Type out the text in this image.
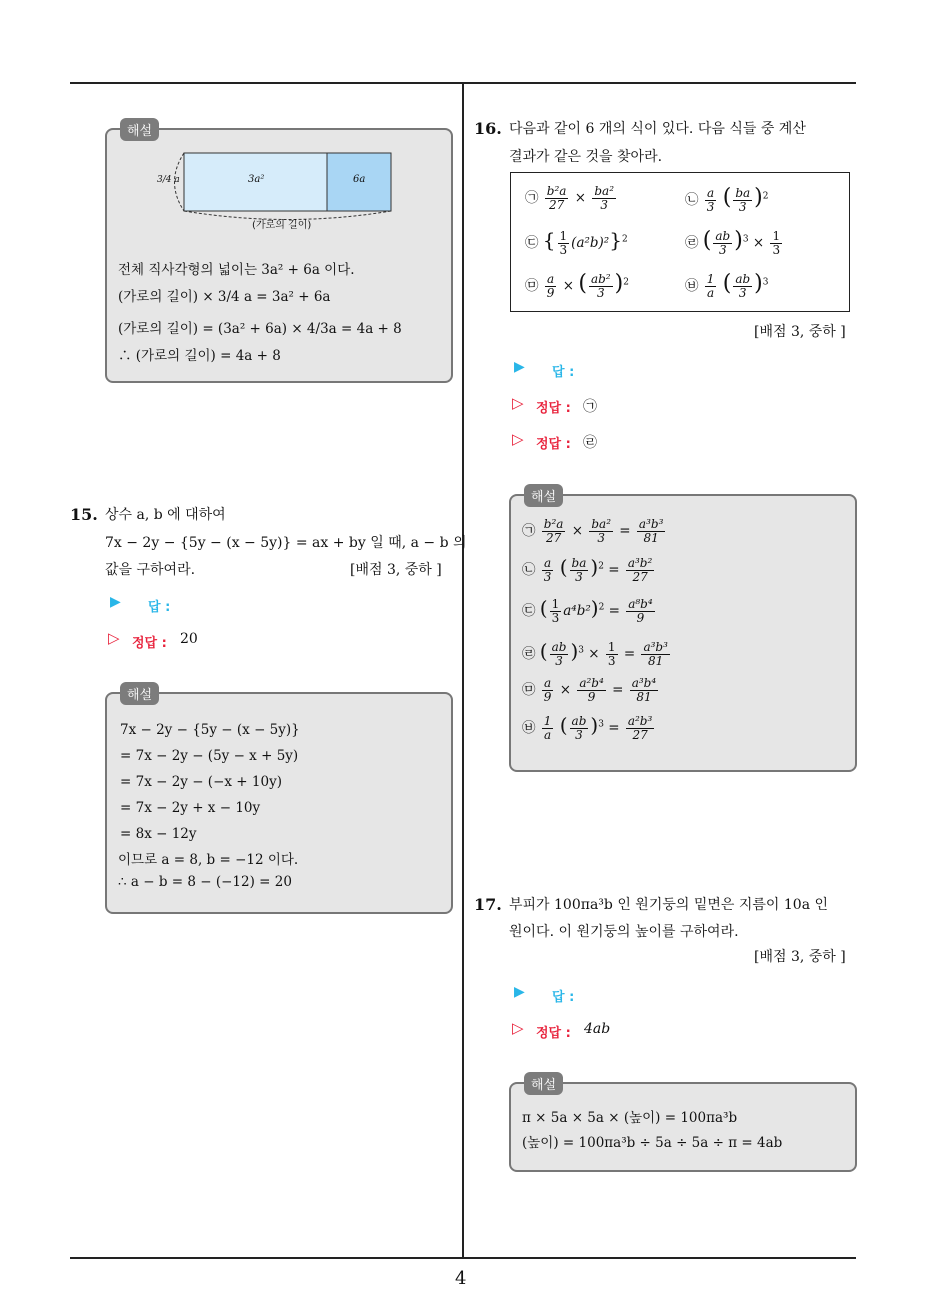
4
해설
3a²	6a
3/4 a
(가로의 길이)
전체 직사각형의 넓이는 3a² + 6a 이다.
(가로의 길이) × 3/4 a = 3a² + 6a
(가로의 길이) = (3a² + 6a) × 4/3a = 4a + 8
∴ (가로의 길이) = 4a + 8
15. 상수 a, b 에 대하여
7x − 2y − {5y − (x − 5y)} = ax + by 일 때, a − b 의
값을 구하여라.	[배점 3, 중하 ]
▶ 답 :
▷ 정답 : 20
해설
7x − 2y − {5y − (x − 5y)}
= 7x − 2y − (5y − x + 5y)
= 7x − 2y − (−x + 10y)
= 7x − 2y + x − 10y
= 8x − 12y
이므로 a = 8, b = −12 이다.
∴ a − b = 8 − (−12) = 20
16. 다음과 같이 6 개의 식이 있다. 다음 식들 중 계산
결과가 같은 것을 찾아라.
㉠ $\frac{\text{b²a}}{27} \times \frac{\text{ba²}}{3}$	㉡ $\frac{a}{3}$ ( $\frac{ba}{3} )^2$
㉢ { $\frac{1}{3} (a^2b)^2\}^2$	㉣ ( $\frac{ab}{3} )^3 \times \frac{1}{3}$
㉤ $\frac{a}{9}$ × ( $\frac{\text{ab²}}{3} )^2$	㉥ $\frac{1}{a}$ ( $\frac{ab}{3} )^3$
[배점 3, 중하 ]
▶ 답 :
▷ 정답 : ㉠
▷ 정답 : ㉣
해설
㉠ $\frac{\text{b²a}}{27} \times \frac{\text{ba²}}{3} = \frac{\text{a³b³}}{81}$
㉡ $\frac{a}{3}$ ( $\frac{ba}{3} )^2 = \frac{\text{a³b²}}{27}$
㉢ ( $\frac{1}{3} a^4b^2)^2 = \frac{\text{a⁸b⁴}}{9}$
㉣ ( $\frac{ab}{3} )^3 \times \frac{1}{3} = \frac{\text{a³b³}}{81}$
㉤ $\frac{a}{9} \times \frac{\text{a²b⁴}}{9} = \frac{\text{a³b⁴}}{81}$
㉥ $\frac{1}{a}$ ( $\frac{ab}{3} )^3 = \frac{\text{a²b³}}{27}$
17. 부피가 100πa³b 인 원기둥의 밑면은 지름이 10a 인
원이다. 이 원기둥의 높이를 구하여라.
[배점 3, 중하 ]
▶ 답 :
▷ 정답 : 4ab
해설
π × 5a × 5a × (높이) = 100πa³b
(높이) = 100πa³b ÷ 5a ÷ 5a ÷ π = 4ab
